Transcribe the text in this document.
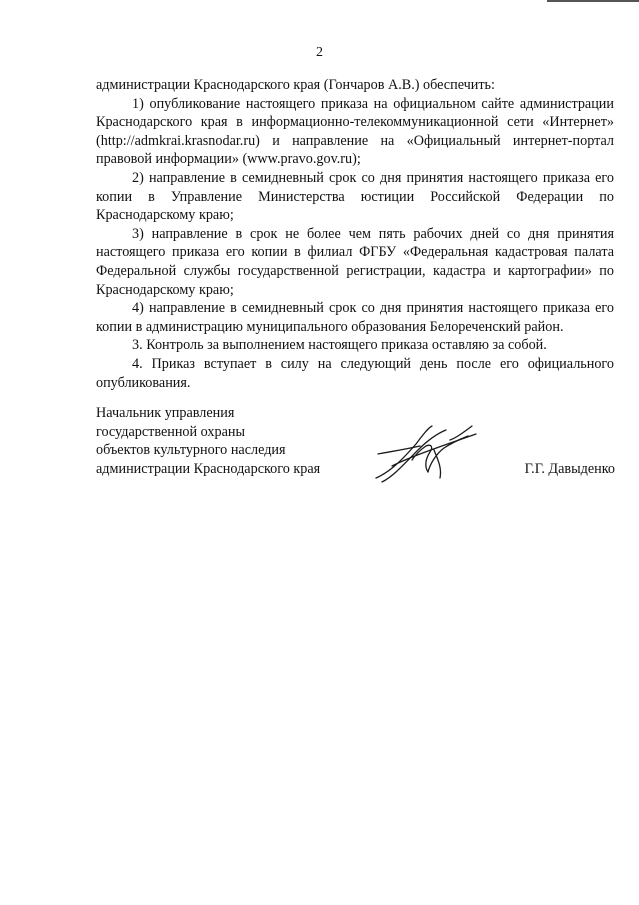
2

администрации Краснодарского края (Гончаров А.В.) обеспечить:

1) опубликование настоящего приказа на официальном сайте администрации Краснодарского края в информационно-телекоммуникационной сети «Интернет» (http://admkrai.krasnodar.ru) и направление на «Официальный интернет-портал правовой информации» (www.pravo.gov.ru);

2) направление в семидневный срок со дня принятия настоящего приказа его копии в Управление Министерства юстиции Российской Федерации по Краснодарскому краю;

3) направление в срок не более чем пять рабочих дней со дня принятия настоящего приказа его копии в филиал ФГБУ «Федеральная кадастровая палата Федеральной службы государственной регистрации, кадастра и картографии» по Краснодарскому краю;

4) направление в семидневный срок со дня принятия настоящего приказа его копии в администрацию муниципального образования Белореченский район.

3. Контроль за выполнением настоящего приказа оставляю за собой.

4. Приказ вступает в силу на следующий день после его официального опубликования.

Начальник управления
государственной охраны
объектов культурного наследия
администрации Краснодарского края	Г.Г. Давыденко
